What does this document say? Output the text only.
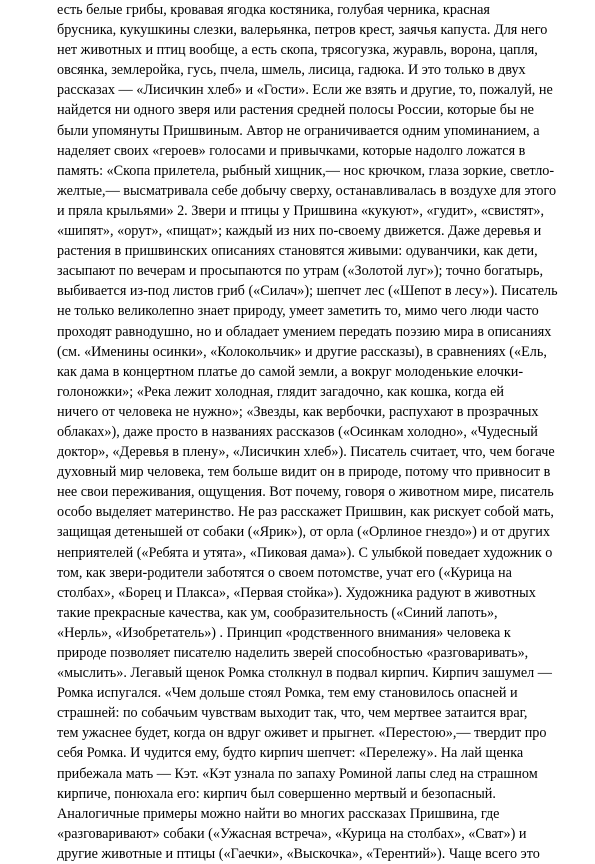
есть белые грибы, кровавая ягодка костяника, голубая черника, красная
брусника, кукушкины слезки, валерьянка, петров крест, заячья капуста. Для него
нет животных и птиц вообще, а есть скопа, трясогузка, журавль, ворона, цапля,
овсянка, землеройка, гусь, пчела, шмель, лисица, гадюка. И это только в двух
рассказах — «Лисичкин хлеб» и «Гости». Если же взять и другие, то, пожалуй, не
найдется ни одного зверя или растения средней полосы России, которые бы не
были упомянуты Пришвиным. Автор не ограничивается одним упоминанием, а
наделяет своих «героев» голосами и привычками, которые надолго ложатся в
память: «Скопа прилетела, рыбный хищник,— нос крючком, глаза зоркие, светло-
желтые,— высматривала себе добычу сверху, останавливалась в воздухе для этого
и пряла крыльями» 2. Звери и птицы у Пришвина «кукуют», «гудит», «свистят»,
«шипят», «орут», «пищат»; каждый из них по-своему движется. Даже деревья и
растения в пришвинских описаниях становятся живыми: одуванчики, как дети,
засыпают по вечерам и просыпаются по утрам («Золотой луг»); точно богатырь,
выбивается из-под листов гриб («Силач»); шепчет лес («Шепот в лесу»). Писатель
не только великолепно знает природу, умеет заметить то, мимо чего люди часто
проходят равнодушно, но и обладает умением передать поэзию мира в описаниях
(см. «Именины осинки», «Колокольчик» и другие рассказы), в сравнениях («Ель,
как дама в концертном платье до самой земли, а вокруг молоденькие елочки-
голоножки»; «Река лежит холодная, глядит загадочно, как кошка, когда ей
ничего от человека не нужно»; «Звезды, как вербочки, распухают в прозрачных
облаках»), даже просто в названиях рассказов («Осинкам холодно», «Чудесный
доктор», «Деревья в плену», «Лисичкин хлеб»). Писатель считает, что, чем богаче
духовный мир человека, тем больше видит он в природе, потому что привносит в
нее свои переживания, ощущения. Вот почему, говоря о животном мире, писатель
особо выделяет материнство. Не раз расскажет Пришвин, как рискует собой мать,
защищая детенышей от собаки («Ярик»), от орла («Орлиное гнездо») и от других
неприятелей («Ребята и утята», «Пиковая дама»). С улыбкой поведает художник о
том, как звери-родители заботятся о своем потомстве, учат его («Курица на
столбах», «Борец и Плакса», «Первая стойка»). Художника радуют в животных
такие прекрасные качества, как ум, сообразительность («Синий лапоть»,
«Нерль», «Изобретатель») . Принцип «родственного внимания» человека к
природе позволяет писателю наделить зверей способностью «разговаривать»,
«мыслить». Легавый щенок Ромка столкнул в подвал кирпич. Кирпич зашумел —
Ромка испугался. «Чем дольше стоял Ромка, тем ему становилось опасней и
страшней: по собачьим чувствам выходит так, что, чем мертвее затаится враг,
тем ужаснее будет, когда он вдруг оживет и прыгнет. «Перестою»,— твердит про
себя Ромка. И чудится ему, будто кирпич шепчет: «Перележу». На лай щенка
прибежала мать — Кэт. «Кэт узнала по запаху Роминой лапы след на страшном
кирпиче, понюхала его: кирпич был совершенно мертвый и безопасный.
Аналогичные примеры можно найти во многих рассказах Пришвина, где
«разговаривают» собаки («Ужасная встреча», «Курица на столбах», «Сват») и
другие животные и птицы («Гаечки», «Выскочка», «Терентий»). Чаще всего это
